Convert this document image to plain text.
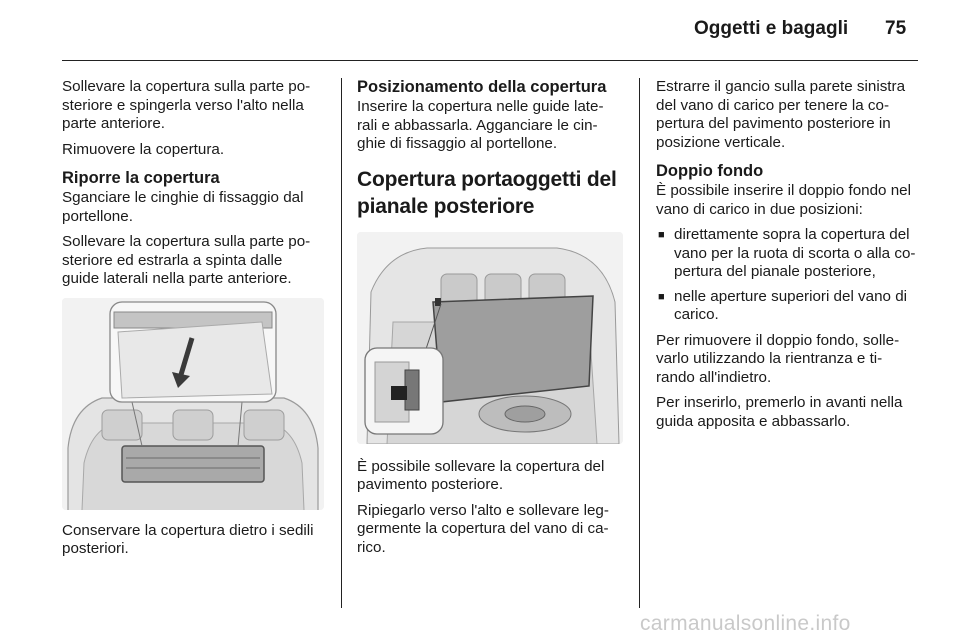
Oggetti e bagagli 75

Sollevare la copertura sulla parte po-
steriore e spingerla verso l'alto nella
parte anteriore.

Rimuovere la copertura.

Riporre la copertura

Sganciare le cinghie di fissaggio dal
portellone.

Sollevare la copertura sulla parte po-
steriore ed estrarla a spinta dalle
guide laterali nella parte anteriore.

Conservare la copertura dietro i sedili
posteriori.

Posizionamento della copertura

Inserire la copertura nelle guide late-
rali e abbassarla. Agganciare le cin-
ghie di fissaggio al portellone.

Copertura portaoggetti del
pianale posteriore

È possibile sollevare la copertura del
pavimento posteriore.

Ripiegarlo verso l'alto e sollevare leg-
germente la copertura del vano di ca-
rico.

Estrarre il gancio sulla parete sinistra
del vano di carico per tenere la co-
pertura del pavimento posteriore in
posizione verticale.

Doppio fondo

È possibile inserire il doppio fondo nel
vano di carico in due posizioni:

■ direttamente sopra la copertura del
vano per la ruota di scorta o alla co-
pertura del pianale posteriore,
■ nelle aperture superiori del vano di
carico.

Per rimuovere il doppio fondo, solle-
varlo utilizzando la rientranza e ti-
rando all'indietro.

Per inserirlo, premerlo in avanti nella
guida apposita e abbassarlo.

carmanualsonline.info
